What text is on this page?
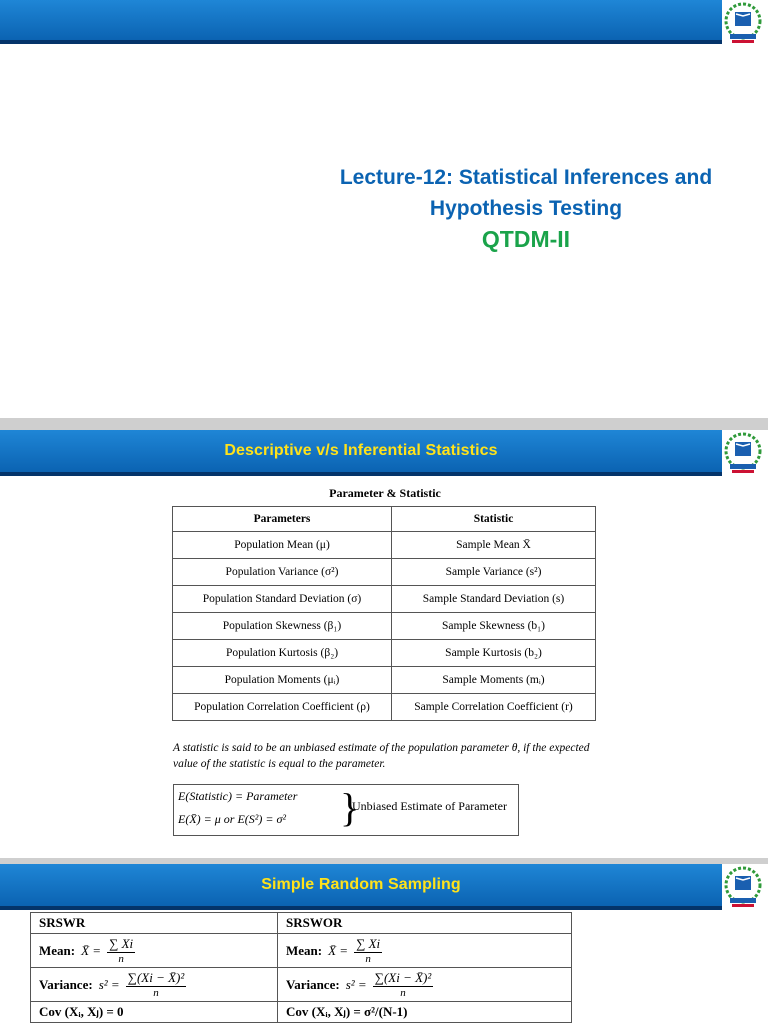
Lecture-12: Statistical Inferences and
Hypothesis Testing
QTDM-II
Descriptive v/s Inferential Statistics
Parameter & Statistic
Parameters	Statistic
Population Mean (μ)	Sample Mean X̄
Population Variance (σ²)	Sample Variance (s²)
Population Standard Deviation (σ)	Sample Standard Deviation (s)
Population Skewness (β₁)	Sample Skewness (b₁)
Population Kurtosis (β₂)	Sample Kurtosis (b₂)
Population Moments (μᵢ)	Sample Moments (mᵢ)
Population Correlation Coefficient (ρ)	Sample Correlation Coefficient (r)
A statistic is said to be an unbiased estimate of the population parameter θ, if the expected value of the statistic is equal to the parameter.
E(Statistic) = Parameter
E(X̄) = μ or E(S²) = σ² }
Unbiased Estimate of Parameter
Simple Random Sampling
SRSWR	SRSWOR

Mean: X̄ = $\frac{\sum Xi}{n}$	Mean: X̄ = $\frac{\sum Xi}{n}$

Variance: $s^2 = \frac{\text{∑(Xi − X̄)²}}{n}$	Variance: $s^2 = \frac{\text{∑(Xi − X̄)²}}{n}$

Cov (Xᵢ, Xⱼ) = 0	Cov (Xᵢ, Xⱼ) = σ²/(N-1)
